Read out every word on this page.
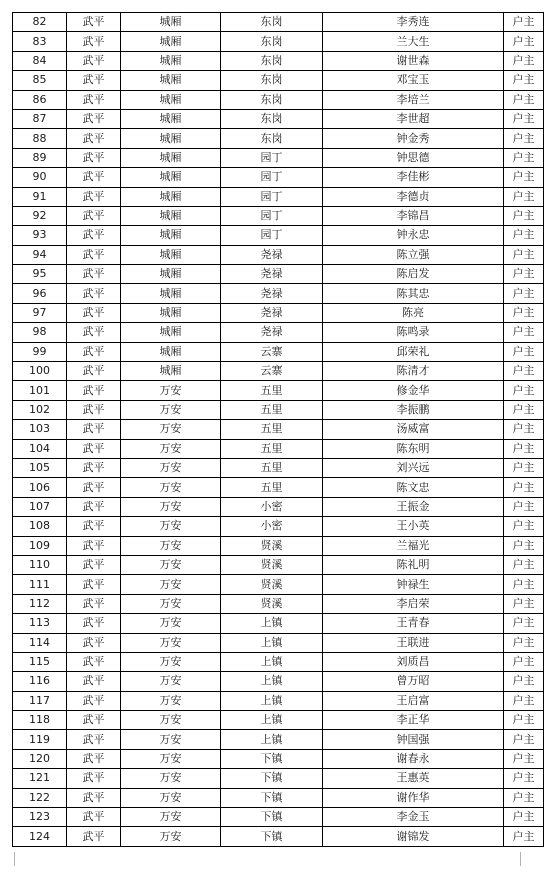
82	武平	城厢	东岗	李秀连	户主
83	武平	城厢	东岗	兰大生	户主
84	武平	城厢	东岗	谢世森	户主
85	武平	城厢	东岗	邓宝玉	户主
86	武平	城厢	东岗	李培兰	户主
87	武平	城厢	东岗	李世超	户主
88	武平	城厢	东岗	钟金秀	户主
89	武平	城厢	园丁	钟思德	户主
90	武平	城厢	园丁	李佳彬	户主
91	武平	城厢	园丁	李德贞	户主
92	武平	城厢	园丁	李锦昌	户主
93	武平	城厢	园丁	钟永忠	户主
94	武平	城厢	尧禄	陈立强	户主
95	武平	城厢	尧禄	陈启发	户主
96	武平	城厢	尧禄	陈其忠	户主
97	武平	城厢	尧禄	陈亮	户主
98	武平	城厢	尧禄	陈鸣录	户主
99	武平	城厢	云寨	邱荣礼	户主
100	武平	城厢	云寨	陈清才	户主
101	武平	万安	五里	修金华	户主
102	武平	万安	五里	李振鹏	户主
103	武平	万安	五里	汤威富	户主
104	武平	万安	五里	陈东明	户主
105	武平	万安	五里	刘兴远	户主
106	武平	万安	五里	陈文忠	户主
107	武平	万安	小密	王振金	户主
108	武平	万安	小密	王小英	户主
109	武平	万安	贤溪	兰福光	户主
110	武平	万安	贤溪	陈礼明	户主
111	武平	万安	贤溪	钟禄生	户主
112	武平	万安	贤溪	李启荣	户主
113	武平	万安	上镇	王青春	户主
114	武平	万安	上镇	王联进	户主
115	武平	万安	上镇	刘质昌	户主
116	武平	万安	上镇	曾万昭	户主
117	武平	万安	上镇	王启富	户主
118	武平	万安	上镇	李正华	户主
119	武平	万安	上镇	钟国强	户主
120	武平	万安	下镇	谢春永	户主
121	武平	万安	下镇	王惠英	户主
122	武平	万安	下镇	谢作华	户主
123	武平	万安	下镇	李金玉	户主
124	武平	万安	下镇	谢锦发	户主
